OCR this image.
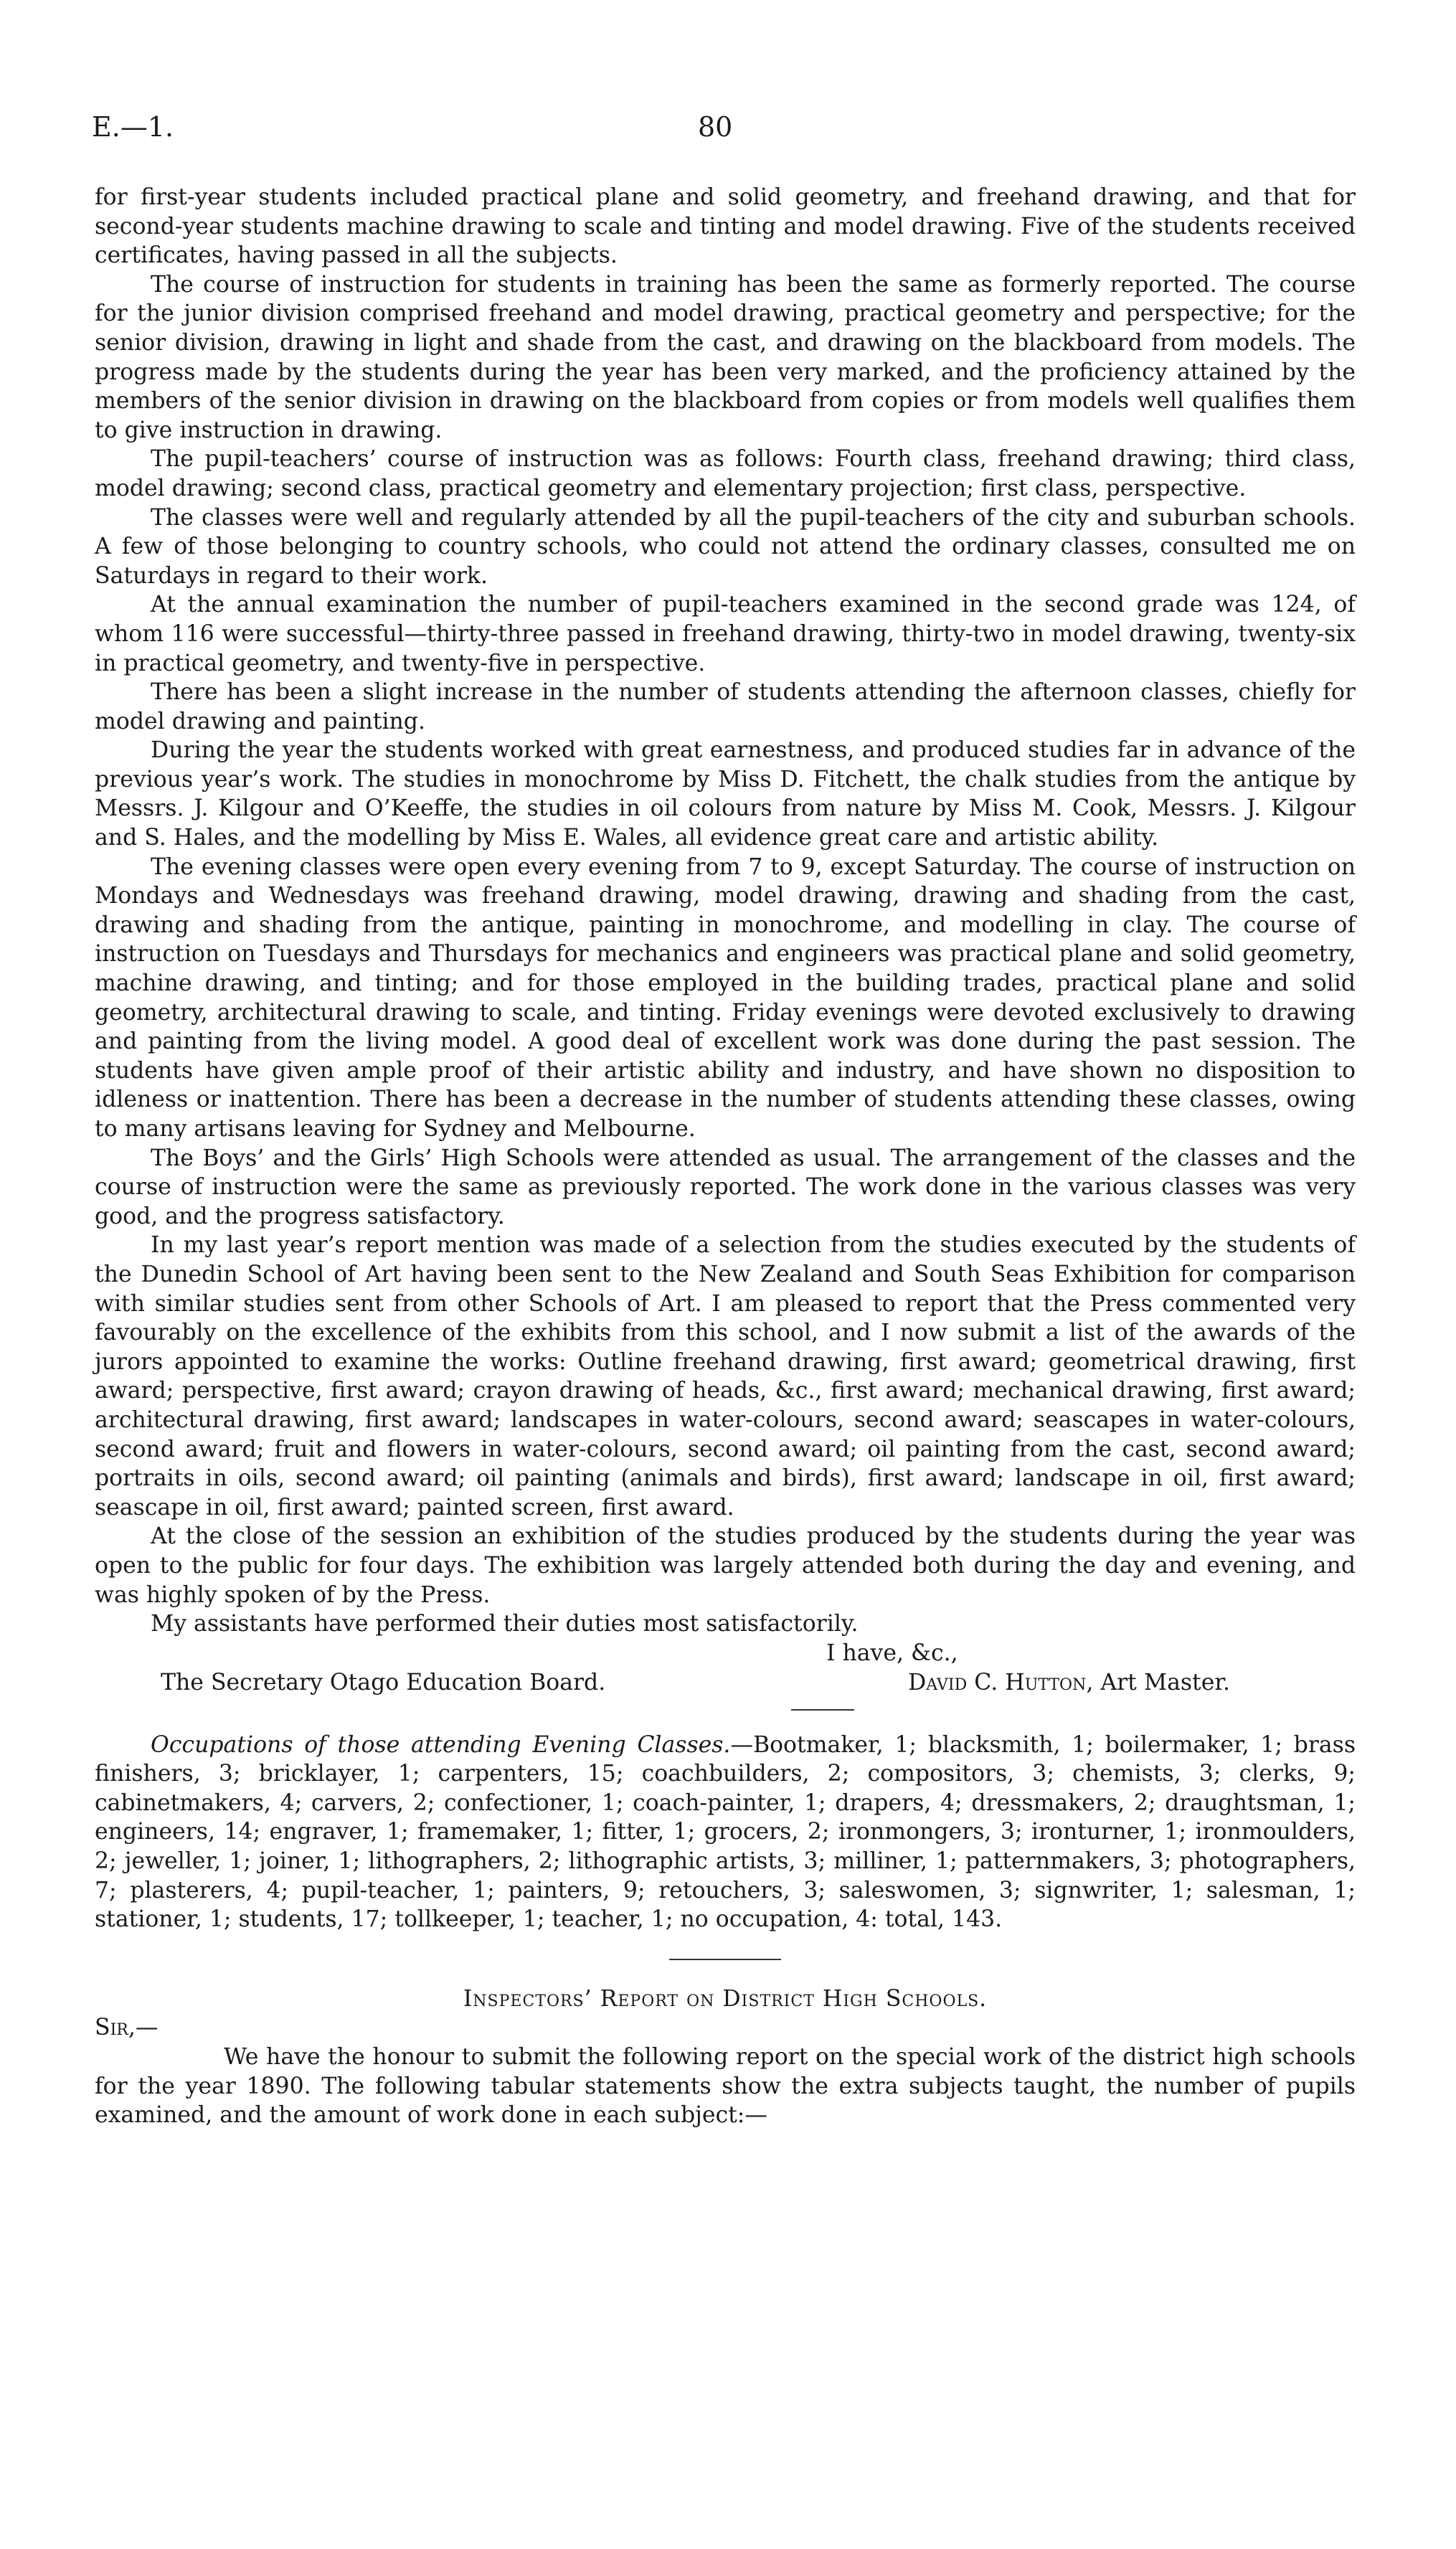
E.—1.	80

for first-year students included practical plane and solid geometry, and freehand drawing, and that for second-year students machine drawing to scale and tinting and model drawing. Five of the students received certificates, having passed in all the subjects.

The course of instruction for students in training has been the same as formerly reported. The course for the junior division comprised freehand and model drawing, practical geometry and perspective; for the senior division, drawing in light and shade from the cast, and drawing on the blackboard from models. The progress made by the students during the year has been very marked, and the proficiency attained by the members of the senior division in drawing on the blackboard from copies or from models well qualifies them to give instruction in drawing.

The pupil-teachers’ course of instruction was as follows: Fourth class, freehand drawing; third class, model drawing; second class, practical geometry and elementary projection; first class, perspective.

The classes were well and regularly attended by all the pupil-teachers of the city and suburban schools. A few of those belonging to country schools, who could not attend the ordinary classes, consulted me on Saturdays in regard to their work.

At the annual examination the number of pupil-teachers examined in the second grade was 124, of whom 116 were successful—thirty-three passed in freehand drawing, thirty-two in model drawing, twenty-six in practical geometry, and twenty-five in perspective.

There has been a slight increase in the number of students attending the afternoon classes, chiefly for model drawing and painting.

During the year the students worked with great earnestness, and produced studies far in advance of the previous year’s work. The studies in monochrome by Miss D. Fitchett, the chalk studies from the antique by Messrs. J. Kilgour and O’Keeffe, the studies in oil colours from nature by Miss M. Cook, Messrs. J. Kilgour and S. Hales, and the modelling by Miss E. Wales, all evidence great care and artistic ability.

The evening classes were open every evening from 7 to 9, except Saturday. The course of instruction on Mondays and Wednesdays was freehand drawing, model drawing, drawing and shading from the cast, drawing and shading from the antique, painting in monochrome, and modelling in clay. The course of instruction on Tuesdays and Thursdays for mechanics and engineers was practical plane and solid geometry, machine drawing, and tinting; and for those employed in the building trades, practical plane and solid geometry, architectural drawing to scale, and tinting. Friday evenings were devoted exclusively to drawing and painting from the living model. A good deal of excellent work was done during the past session. The students have given ample proof of their artistic ability and industry, and have shown no disposition to idleness or inattention. There has been a decrease in the number of students attending these classes, owing to many artisans leaving for Sydney and Melbourne.

The Boys’ and the Girls’ High Schools were attended as usual. The arrangement of the classes and the course of instruction were the same as previously reported. The work done in the various classes was very good, and the progress satisfactory.

In my last year’s report mention was made of a selection from the studies executed by the students of the Dunedin School of Art having been sent to the New Zealand and South Seas Exhibition for comparison with similar studies sent from other Schools of Art. I am pleased to report that the Press commented very favourably on the excellence of the exhibits from this school, and I now submit a list of the awards of the jurors appointed to examine the works: Outline freehand drawing, first award; geometrical drawing, first award; perspective, first award; crayon drawing of heads, &c., first award; mechanical drawing, first award; architectural drawing, first award; landscapes in water-colours, second award; seascapes in water-colours, second award; fruit and flowers in water-colours, second award; oil painting from the cast, second award; portraits in oils, second award; oil painting (animals and birds), first award; landscape in oil, first award; seascape in oil, first award; painted screen, first award.

At the close of the session an exhibition of the studies produced by the students during the year was open to the public for four days. The exhibition was largely attended both during the day and evening, and was highly spoken of by the Press.

My assistants have performed their duties most satisfactorily.

I have, &c.,
The Secretary Otago Education Board.	David C. Hutton, Art Master.

Occupations of those attending Evening Classes.—Bootmaker, 1; blacksmith, 1; boilermaker, 1; brass finishers, 3; bricklayer, 1; carpenters, 15; coachbuilders, 2; compositors, 3; chemists, 3; clerks, 9; cabinetmakers, 4; carvers, 2; confectioner, 1; coach-painter, 1; drapers, 4; dressmakers, 2; draughtsman, 1; engineers, 14; engraver, 1; framemaker, 1; fitter, 1; grocers, 2; ironmongers, 3; ironturner, 1; ironmoulders, 2; jeweller, 1; joiner, 1; lithographers, 2; lithographic artists, 3; milliner, 1; patternmakers, 3; photographers, 7; plasterers, 4; pupil-teacher, 1; painters, 9; retouchers, 3; saleswomen, 3; signwriter, 1; salesman, 1; stationer, 1; students, 17; tollkeeper, 1; teacher, 1; no occupation, 4: total, 143.

Inspectors’ Report on District High Schools.

Sir,—

We have the honour to submit the following report on the special work of the district high schools for the year 1890. The following tabular statements show the extra subjects taught, the number of pupils examined, and the amount of work done in each subject:—
